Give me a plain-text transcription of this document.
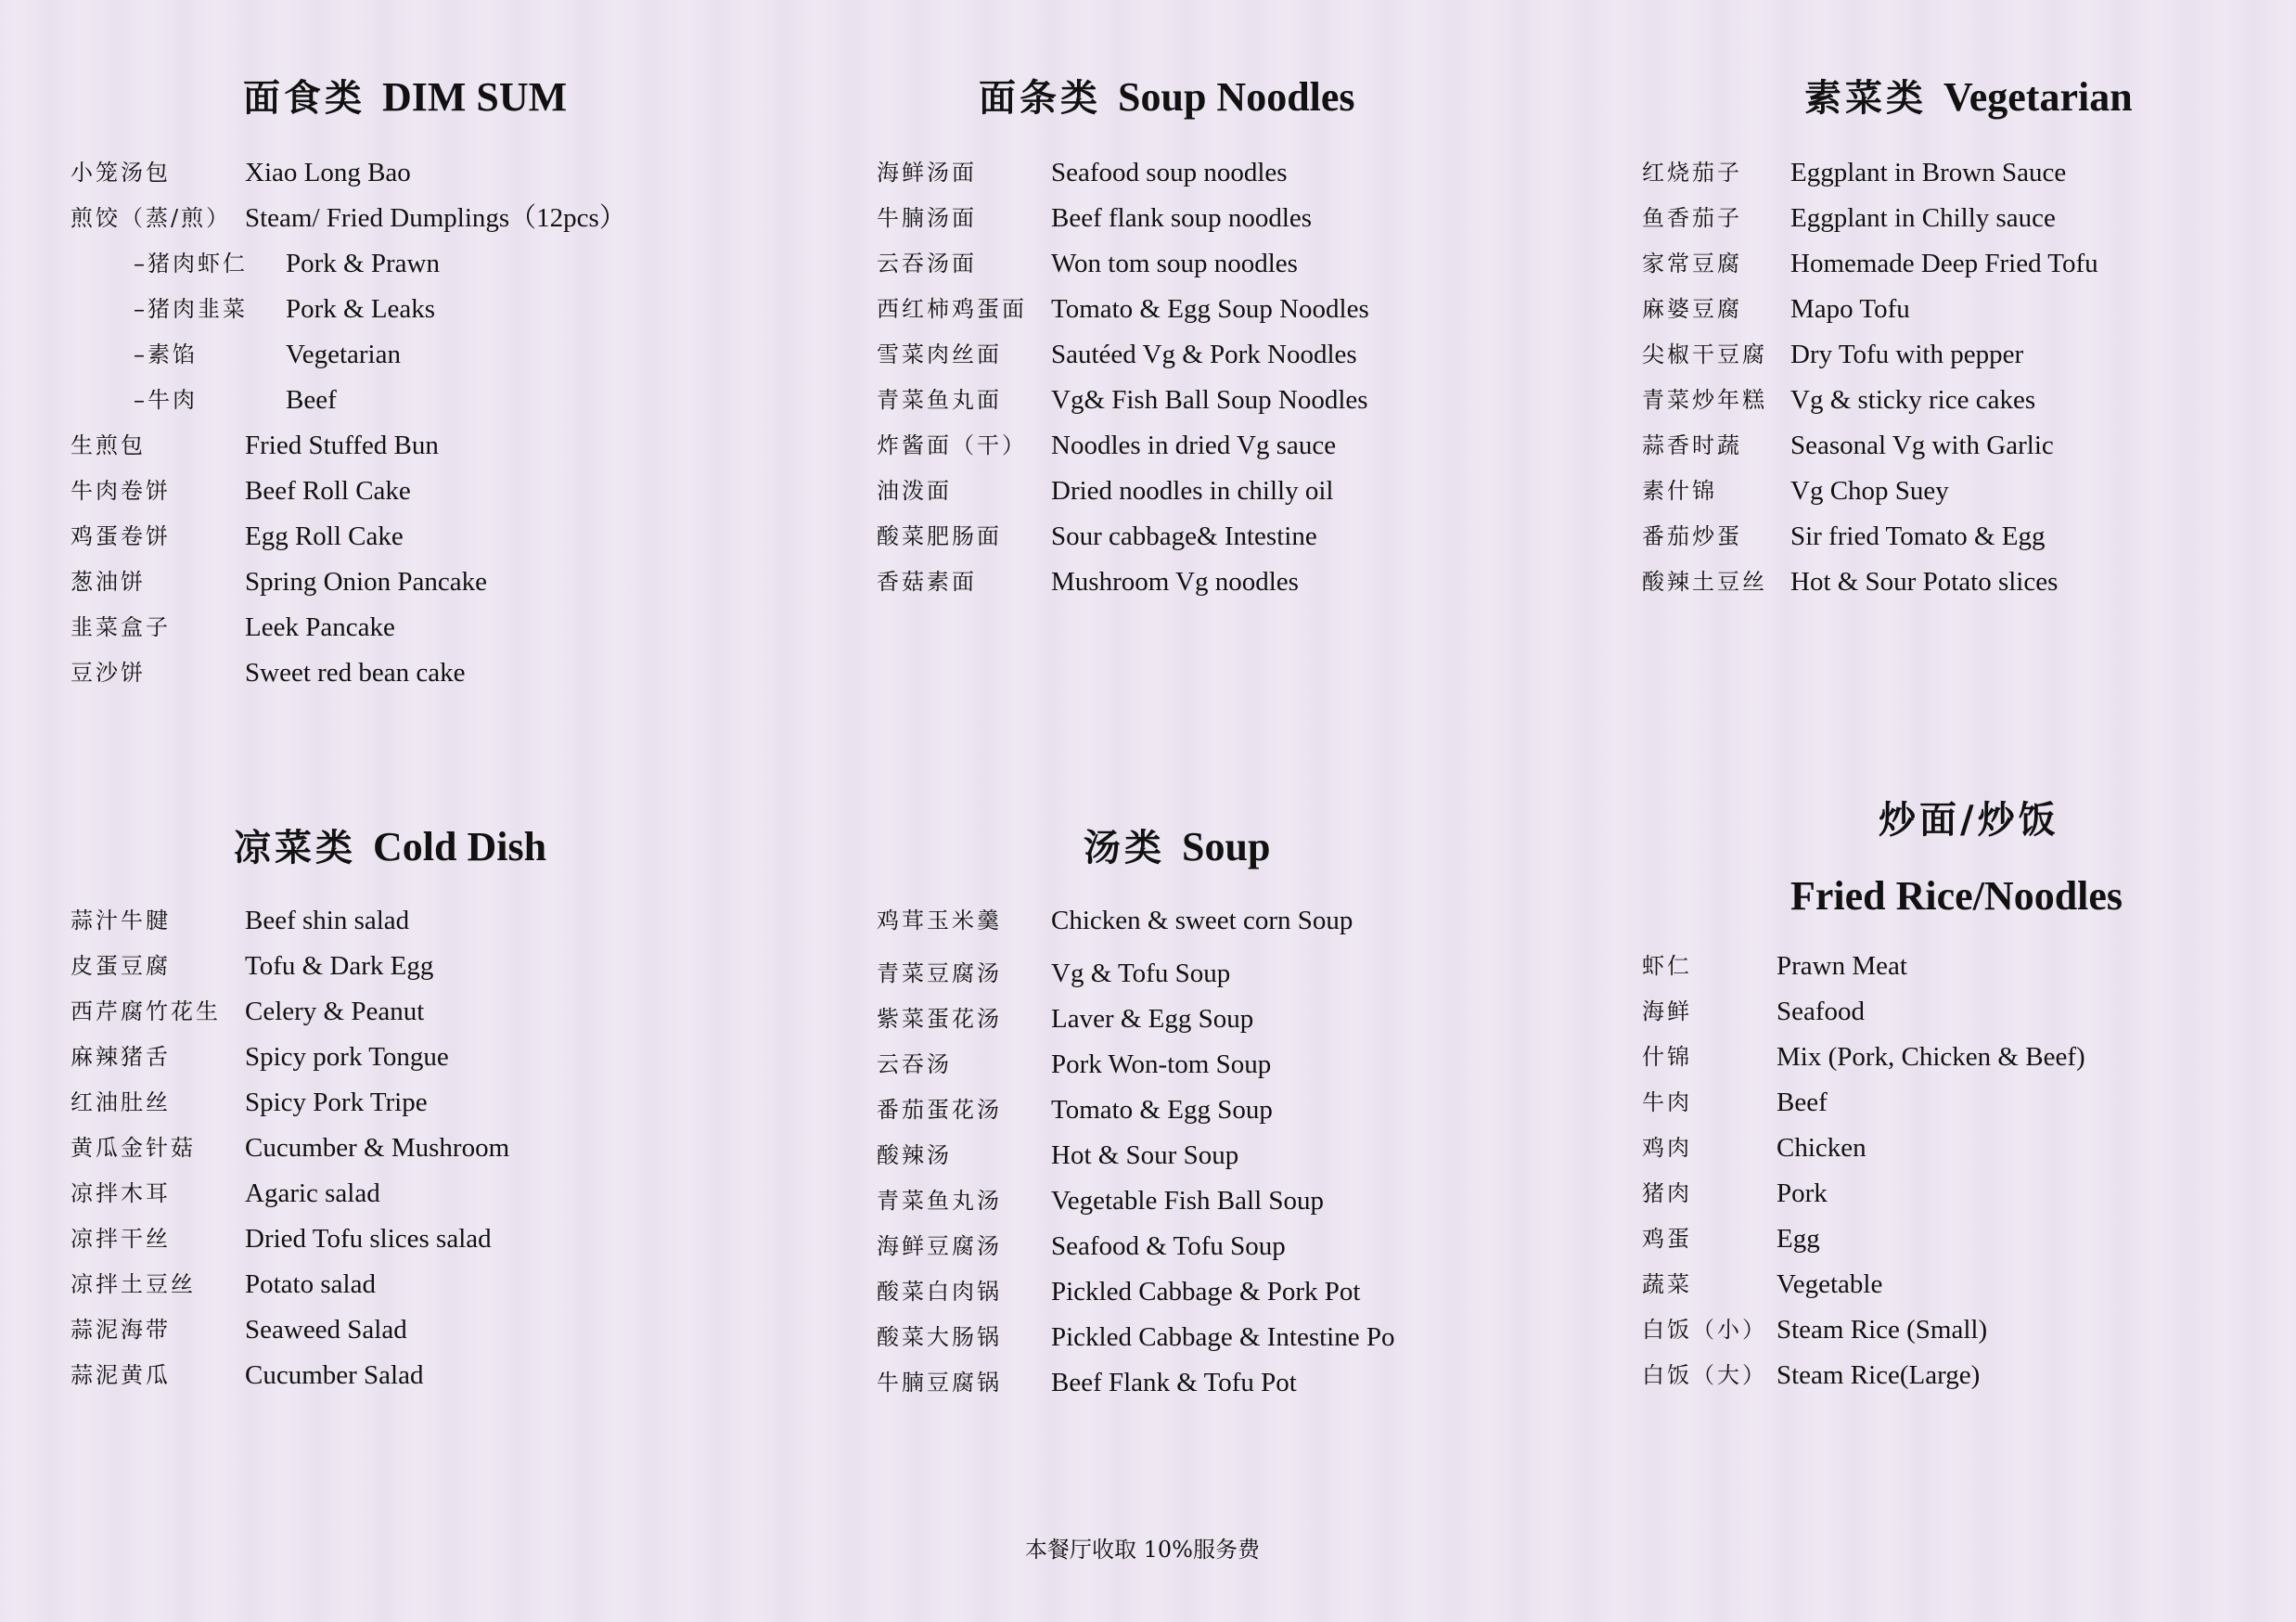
面食类 DIM SUM
小笼汤包	Xiao Long Bao
煎饺（蒸/煎） Steam/ Fried Dumplings（12pcs）
–猪肉虾仁 Pork & Prawn
–猪肉韭菜 Pork & Leaks
–素馅	Vegetarian
–牛肉	Beef
生煎包	Fried Stuffed Bun
牛肉卷饼	Beef Roll Cake
鸡蛋卷饼	Egg Roll Cake
葱油饼	Spring Onion Pancake
韭菜盒子	Leek Pancake
豆沙饼	Sweet red bean cake
面条类 Soup Noodles
海鲜汤面	Seafood soup noodles
牛腩汤面	Beef flank soup noodles
云吞汤面	Won tom soup noodles
西红柿鸡蛋面 Tomato & Egg Soup Noodles
雪菜肉丝面 Sautéed Vg & Pork Noodles
青菜鱼丸面 Vg& Fish Ball Soup Noodles
炸酱面（干） Noodles in dried Vg sauce
油泼面	Dried noodles in chilly oil
酸菜肥肠面 Sour cabbage& Intestine
香菇素面	Mushroom Vg noodles
素菜类 Vegetarian
红烧茄子 Eggplant in Brown Sauce
鱼香茄子 Eggplant in Chilly sauce
家常豆腐 Homemade Deep Fried Tofu
麻婆豆腐 Mapo Tofu
尖椒干豆腐 Dry Tofu with pepper
青菜炒年糕 Vg & sticky rice cakes
蒜香时蔬 Seasonal Vg with Garlic
素什锦	Vg Chop Suey
番茄炒蛋 Sir fried Tomato & Egg
酸辣土豆丝 Hot & Sour Potato slices
凉菜类 Cold Dish
蒜汁牛腱	Beef shin salad
皮蛋豆腐	Tofu & Dark Egg
西芹腐竹花生 Celery & Peanut
麻辣猪舌	Spicy pork Tongue
红油肚丝	Spicy Pork Tripe
黄瓜金针菇 Cucumber & Mushroom
凉拌木耳	Agaric salad
凉拌干丝	Dried Tofu slices salad
凉拌土豆丝 Potato salad
蒜泥海带	Seaweed Salad
蒜泥黄瓜	Cucumber Salad
汤类 Soup
鸡茸玉米羹 Chicken & sweet corn Soup
青菜豆腐汤 Vg & Tofu Soup
紫菜蛋花汤 Laver & Egg Soup
云吞汤	Pork Won-tom Soup
番茄蛋花汤 Tomato & Egg Soup
酸辣汤	Hot & Sour Soup
青菜鱼丸汤 Vegetable Fish Ball Soup
海鲜豆腐汤 Seafood & Tofu Soup
酸菜白肉锅 Pickled Cabbage & Pork Pot
酸菜大肠锅 Pickled Cabbage & Intestine Po
牛腩豆腐锅 Beef Flank & Tofu Pot
炒面/炒饭
Fried Rice/Noodles
虾仁	Prawn Meat
海鲜	Seafood
什锦	Mix (Pork, Chicken & Beef)
牛肉	Beef
鸡肉	Chicken
猪肉	Pork
鸡蛋	Egg
蔬菜	Vegetable
白饭（小） Steam Rice (Small)
白饭（大） Steam Rice(Large)
本餐厅收取 10%服务费
